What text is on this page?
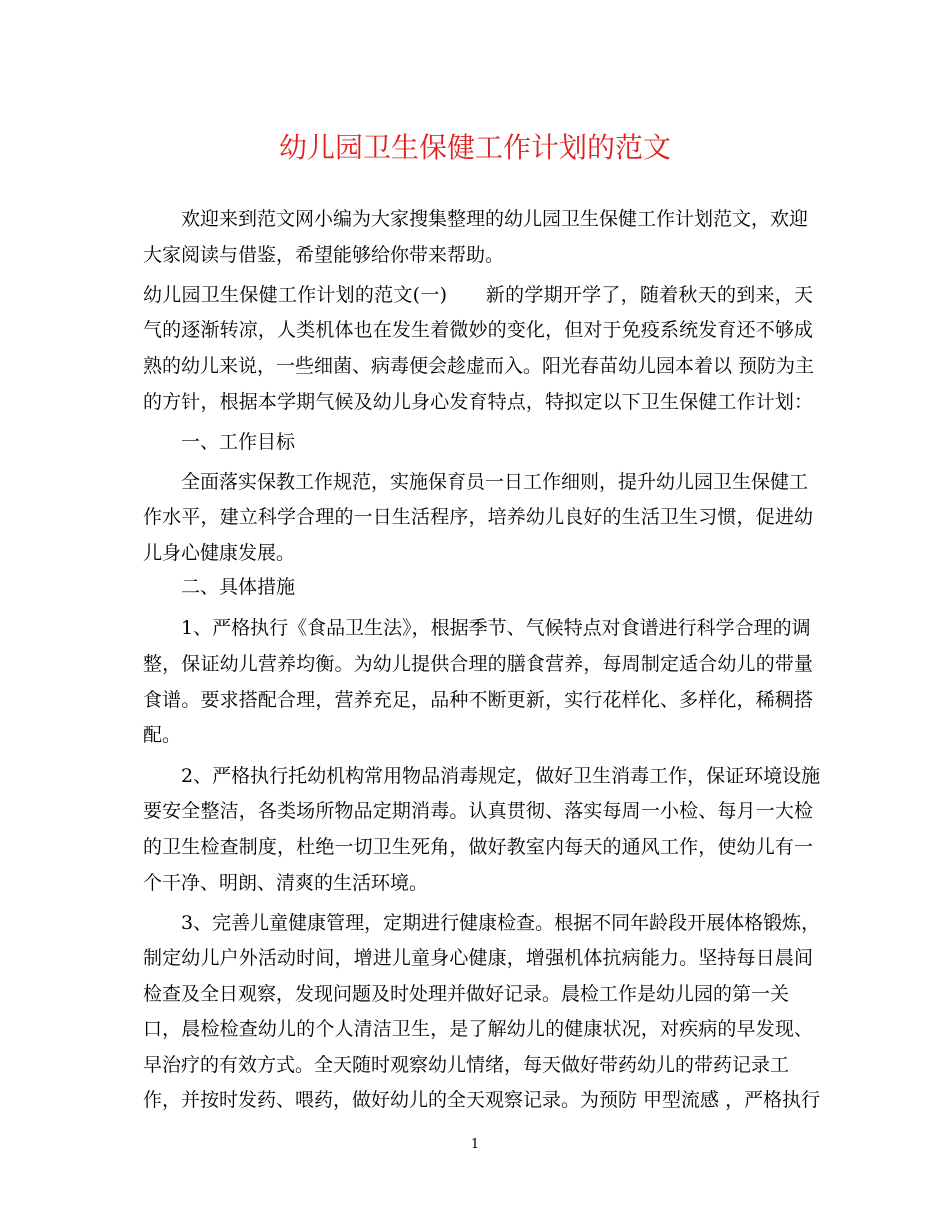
幼儿园卫生保健工作计划的范文
欢迎来到范文网小编为大家搜集整理的幼儿园卫生保健工作计划范文，欢迎
大家阅读与借鉴，希望能够给你带来帮助。
幼儿园卫生保健工作计划的范文(一)　　新的学期开学了，随着秋天的到来，天
气的逐渐转凉，人类机体也在发生着微妙的变化，但对于免疫系统发育还不够成
熟的幼儿来说，一些细菌、病毒便会趁虚而入。阳光春苗幼儿园本着以 预防为主
的方针，根据本学期气候及幼儿身心发育特点，特拟定以下卫生保健工作计划：
一、工作目标
全面落实保教工作规范，实施保育员一日工作细则，提升幼儿园卫生保健工
作水平，建立科学合理的一日生活程序，培养幼儿良好的生活卫生习惯，促进幼
儿身心健康发展。
二、具体措施
1、严格执行《食品卫生法》，根据季节、气候特点对食谱进行科学合理的调
整，保证幼儿营养均衡。为幼儿提供合理的膳食营养，每周制定适合幼儿的带量
食谱。要求搭配合理，营养充足，品种不断更新，实行花样化、多样化，稀稠搭
配。
2、严格执行托幼机构常用物品消毒规定，做好卫生消毒工作，保证环境设施
要安全整洁，各类场所物品定期消毒。认真贯彻、落实每周一小检、每月一大检
的卫生检查制度，杜绝一切卫生死角，做好教室内每天的通风工作，使幼儿有一
个干净、明朗、清爽的生活环境。
3、完善儿童健康管理，定期进行健康检查。根据不同年龄段开展体格锻炼，
制定幼儿户外活动时间，增进儿童身心健康，增强机体抗病能力。坚持每日晨间
检查及全日观察，发现问题及时处理并做好记录。晨检工作是幼儿园的第一关
口，晨检检查幼儿的个人清洁卫生，是了解幼儿的健康状况，对疾病的早发现、
早治疗的有效方式。全天随时观察幼儿情绪，每天做好带药幼儿的带药记录工
作，并按时发药、喂药，做好幼儿的全天观察记录。为预防 甲型流感 ，严格执行
1
